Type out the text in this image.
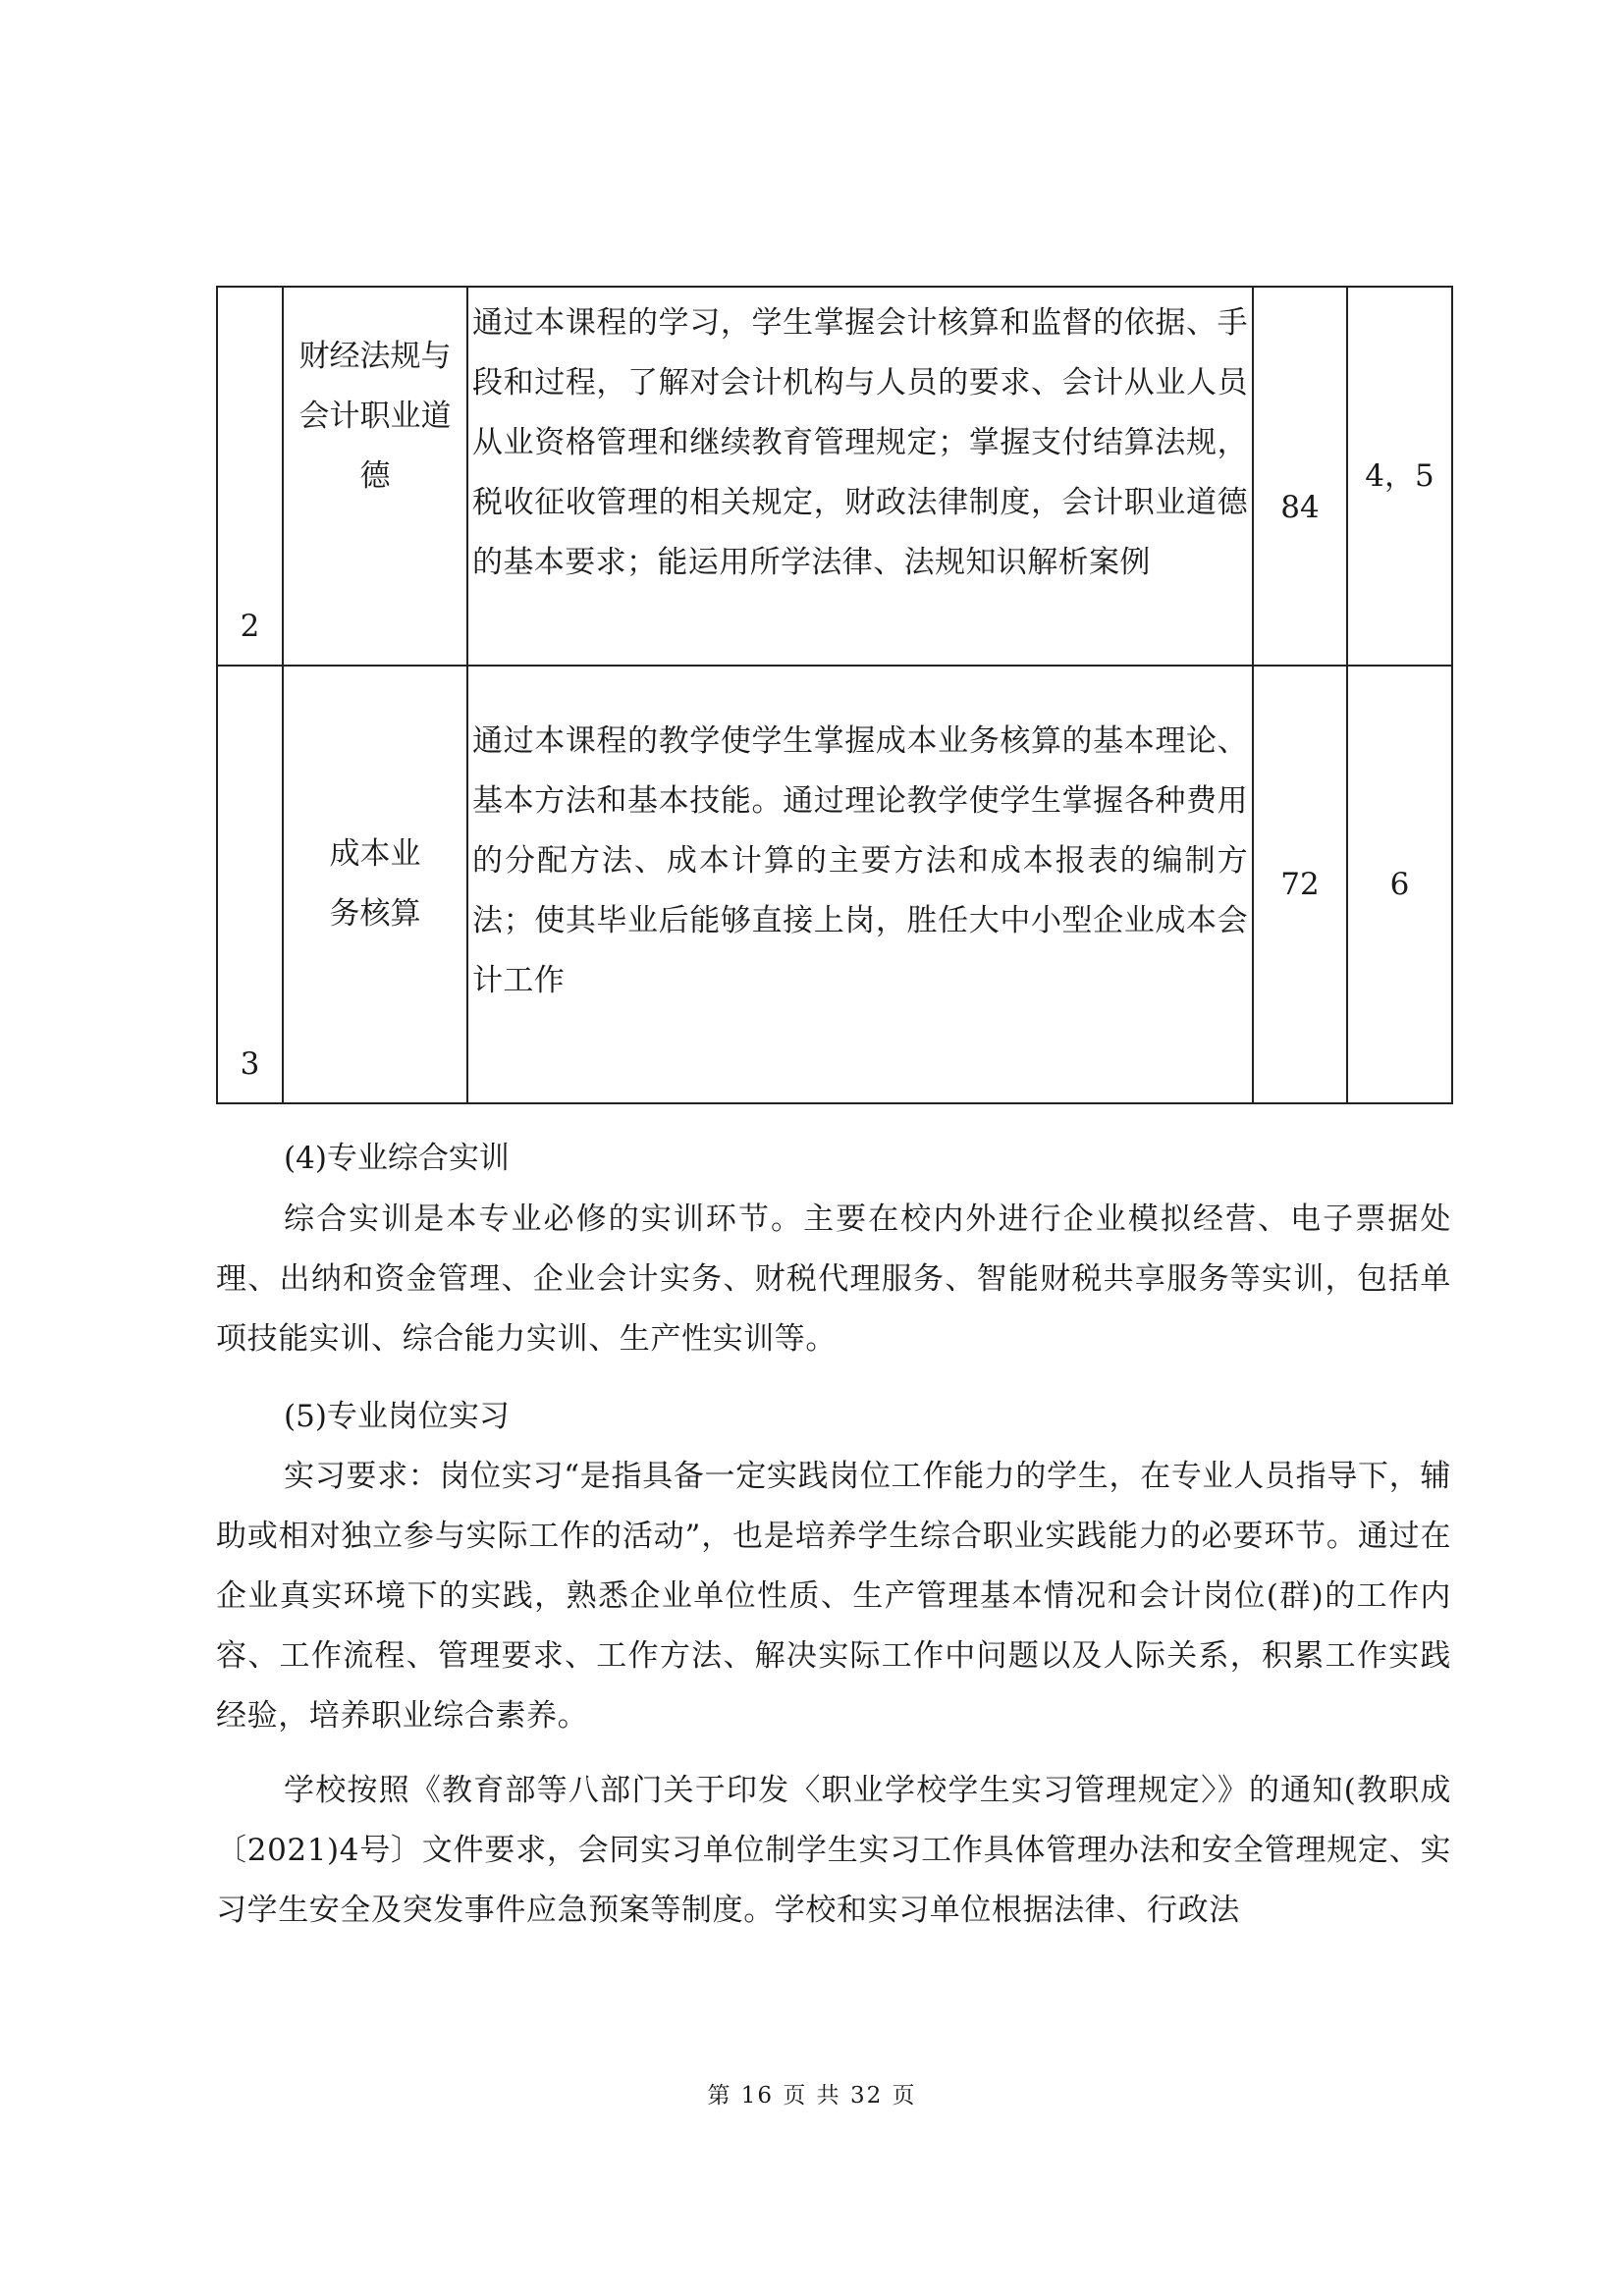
2	财经法规与会计职业道德	通过本课程的学习，学生掌握会计核算和监督的依据、手段和过程，了解对会计机构与人员的要求、会计从业人员从业资格管理和继续教育管理规定；掌握支付结算法规，税收征收管理的相关规定，财政法律制度，会计职业道德的基本要求；能运用所学法律、法规知识解析案例	84	4，5

3	成本业务核算	通过本课程的教学使学生掌握成本业务核算的基本理论、基本方法和基本技能。通过理论教学使学生掌握各种费用的分配方法、成本计算的主要方法和成本报表的编制方法；使其毕业后能够直接上岗，胜任大中小型企业成本会计工作	72	6
(4)专业综合实训

综合实训是本专业必修的实训环节。主要在校内外进行企业模拟经营、电子票据处理、出纳和资金管理、企业会计实务、财税代理服务、智能财税共享服务等实训，包括单项技能实训、综合能力实训、生产性实训等。

(5)专业岗位实习

实习要求：岗位实习“是指具备一定实践岗位工作能力的学生，在专业人员指导下，辅助或相对独立参与实际工作的活动”，也是培养学生综合职业实践能力的必要环节。通过在企业真实环境下的实践，熟悉企业单位性质、生产管理基本情况和会计岗位(群)的工作内容、工作流程、管理要求、工作方法、解决实际工作中问题以及人际关系，积累工作实践经验，培养职业综合素养。

学校按照《教育部等八部门关于印发〈职业学校学生实习管理规定〉》的通知(教职成〔2021)4号〕文件要求，会同实习单位制学生实习工作具体管理办法和安全管理规定、实习学生安全及突发事件应急预案等制度。学校和实习单位根据法律、行政法

第 16 页 共 32 页
